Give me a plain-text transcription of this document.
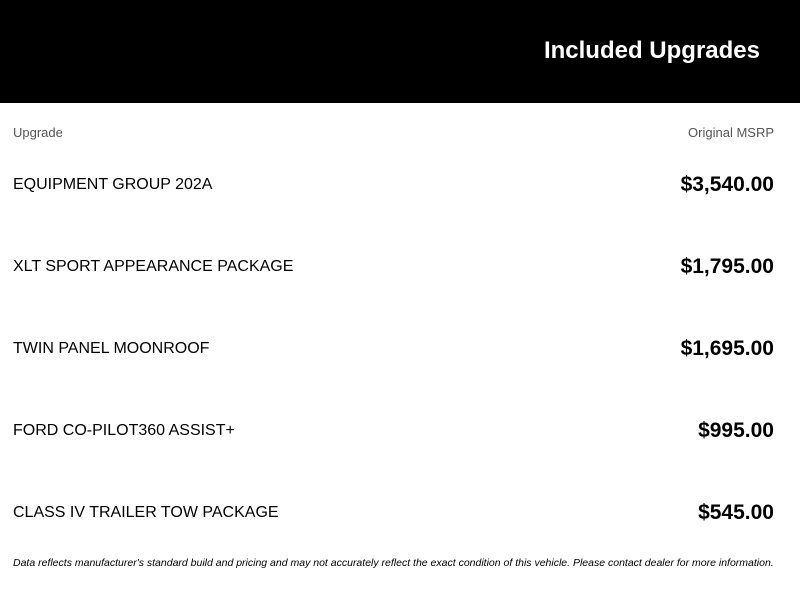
Included Upgrades
Upgrade	Original MSRP
EQUIPMENT GROUP 202A	$3,540.00
XLT SPORT APPEARANCE PACKAGE	$1,795.00
TWIN PANEL MOONROOF	$1,695.00
FORD CO-PILOT360 ASSIST+	$995.00
CLASS IV TRAILER TOW PACKAGE	$545.00
Data reflects manufacturer's standard build and pricing and may not accurately reflect the exact condition of this vehicle. Please contact dealer for more information.
